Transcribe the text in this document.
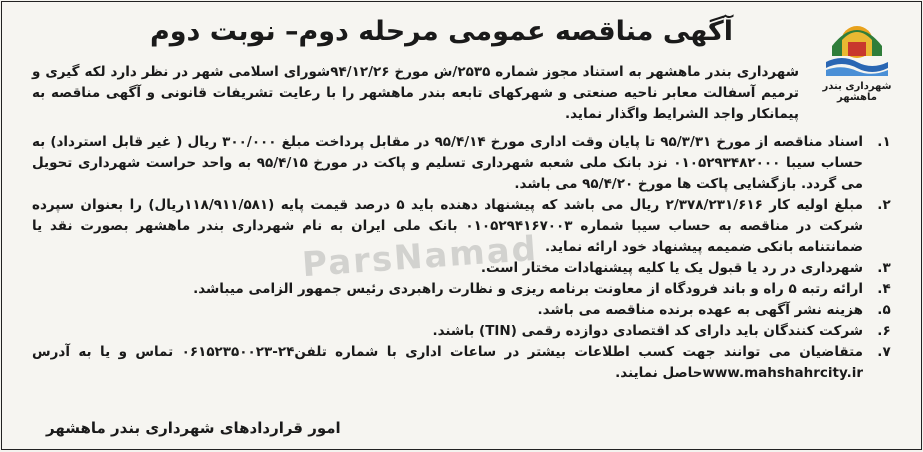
شهرداری بندر ماهشهر
آگهی مناقصه عمومی مرحله دوم– نوبت دوم
شهرداری بندر ماهشهر به استناد مجوز شماره ۲۵۳۵/ش مورخ ۹۴/۱۲/۲۶شورای اسلامی شهر در نظر دارد لکه گیری و ترمیم آسفالت معابر ناحیه صنعتی و شهرکهای تابعه بندر ماهشهر را با رعایت تشریفات قانونی و آگهی مناقصه به پیمانکار واجد الشرایط واگذار نماید.
۱.
اسناد مناقصه از مورخ ۹۵/۳/۳۱ تا پایان وقت اداری مورخ ۹۵/۴/۱۴ در مقابل پرداخت مبلغ ۳۰۰/۰۰۰ ریال ( غیر قابل استرداد) به حساب سیبا ۰۱۰۵۲۹۳۴۸۲۰۰۰ نزد بانک ملی شعبه شهرداری تسلیم و پاکت در مورخ ۹۵/۴/۱۵ به واحد حراست شهرداری تحویل می گردد. بازگشایی پاکت ها مورخ ۹۵/۴/۲۰ می باشد.
۲.
مبلغ اولیه کار ۲/۳۷۸/۲۳۱/۶۱۶ ریال می باشد که پیشنهاد دهنده باید ۵ درصد قیمت پایه (۱۱۸/۹۱۱/۵۸۱ریال) را بعنوان سپرده شرکت در مناقصه به حساب سیبا شماره ۰۱۰۵۲۹۴۱۶۷۰۰۳ بانک ملی ایران به نام شهرداری بندر ماهشهر بصورت نقد یا ضمانتنامه بانکی ضمیمه پیشنهاد خود ارائه نماید.
۳.
شهرداری در رد یا قبول یک یا کلیه پیشنهادات مختار است.
۴.
ارائه رتبه ۵ راه و باند فرودگاه از معاونت برنامه ریزی و نظارت راهبردی رئیس جمهور الزامی میباشد.
۵.
هزینه نشر آگهی به عهده برنده مناقصه می باشد.
۶.
شرکت کنندگان باید دارای کد اقتصادی دوازده رقمی (TIN) باشند.
۷.
متقاضیان می توانند جهت کسب اطلاعات بیشتر در ساعات اداری با شماره تلفن۲۴-۰۶۱۵۲۳۵۰۰۲۳ تماس و یا به آدرس www.mahshahrcity.irحاصل نمایند.
ParsNamad
امور قراردادهای شهرداری بندر ماهشهر
